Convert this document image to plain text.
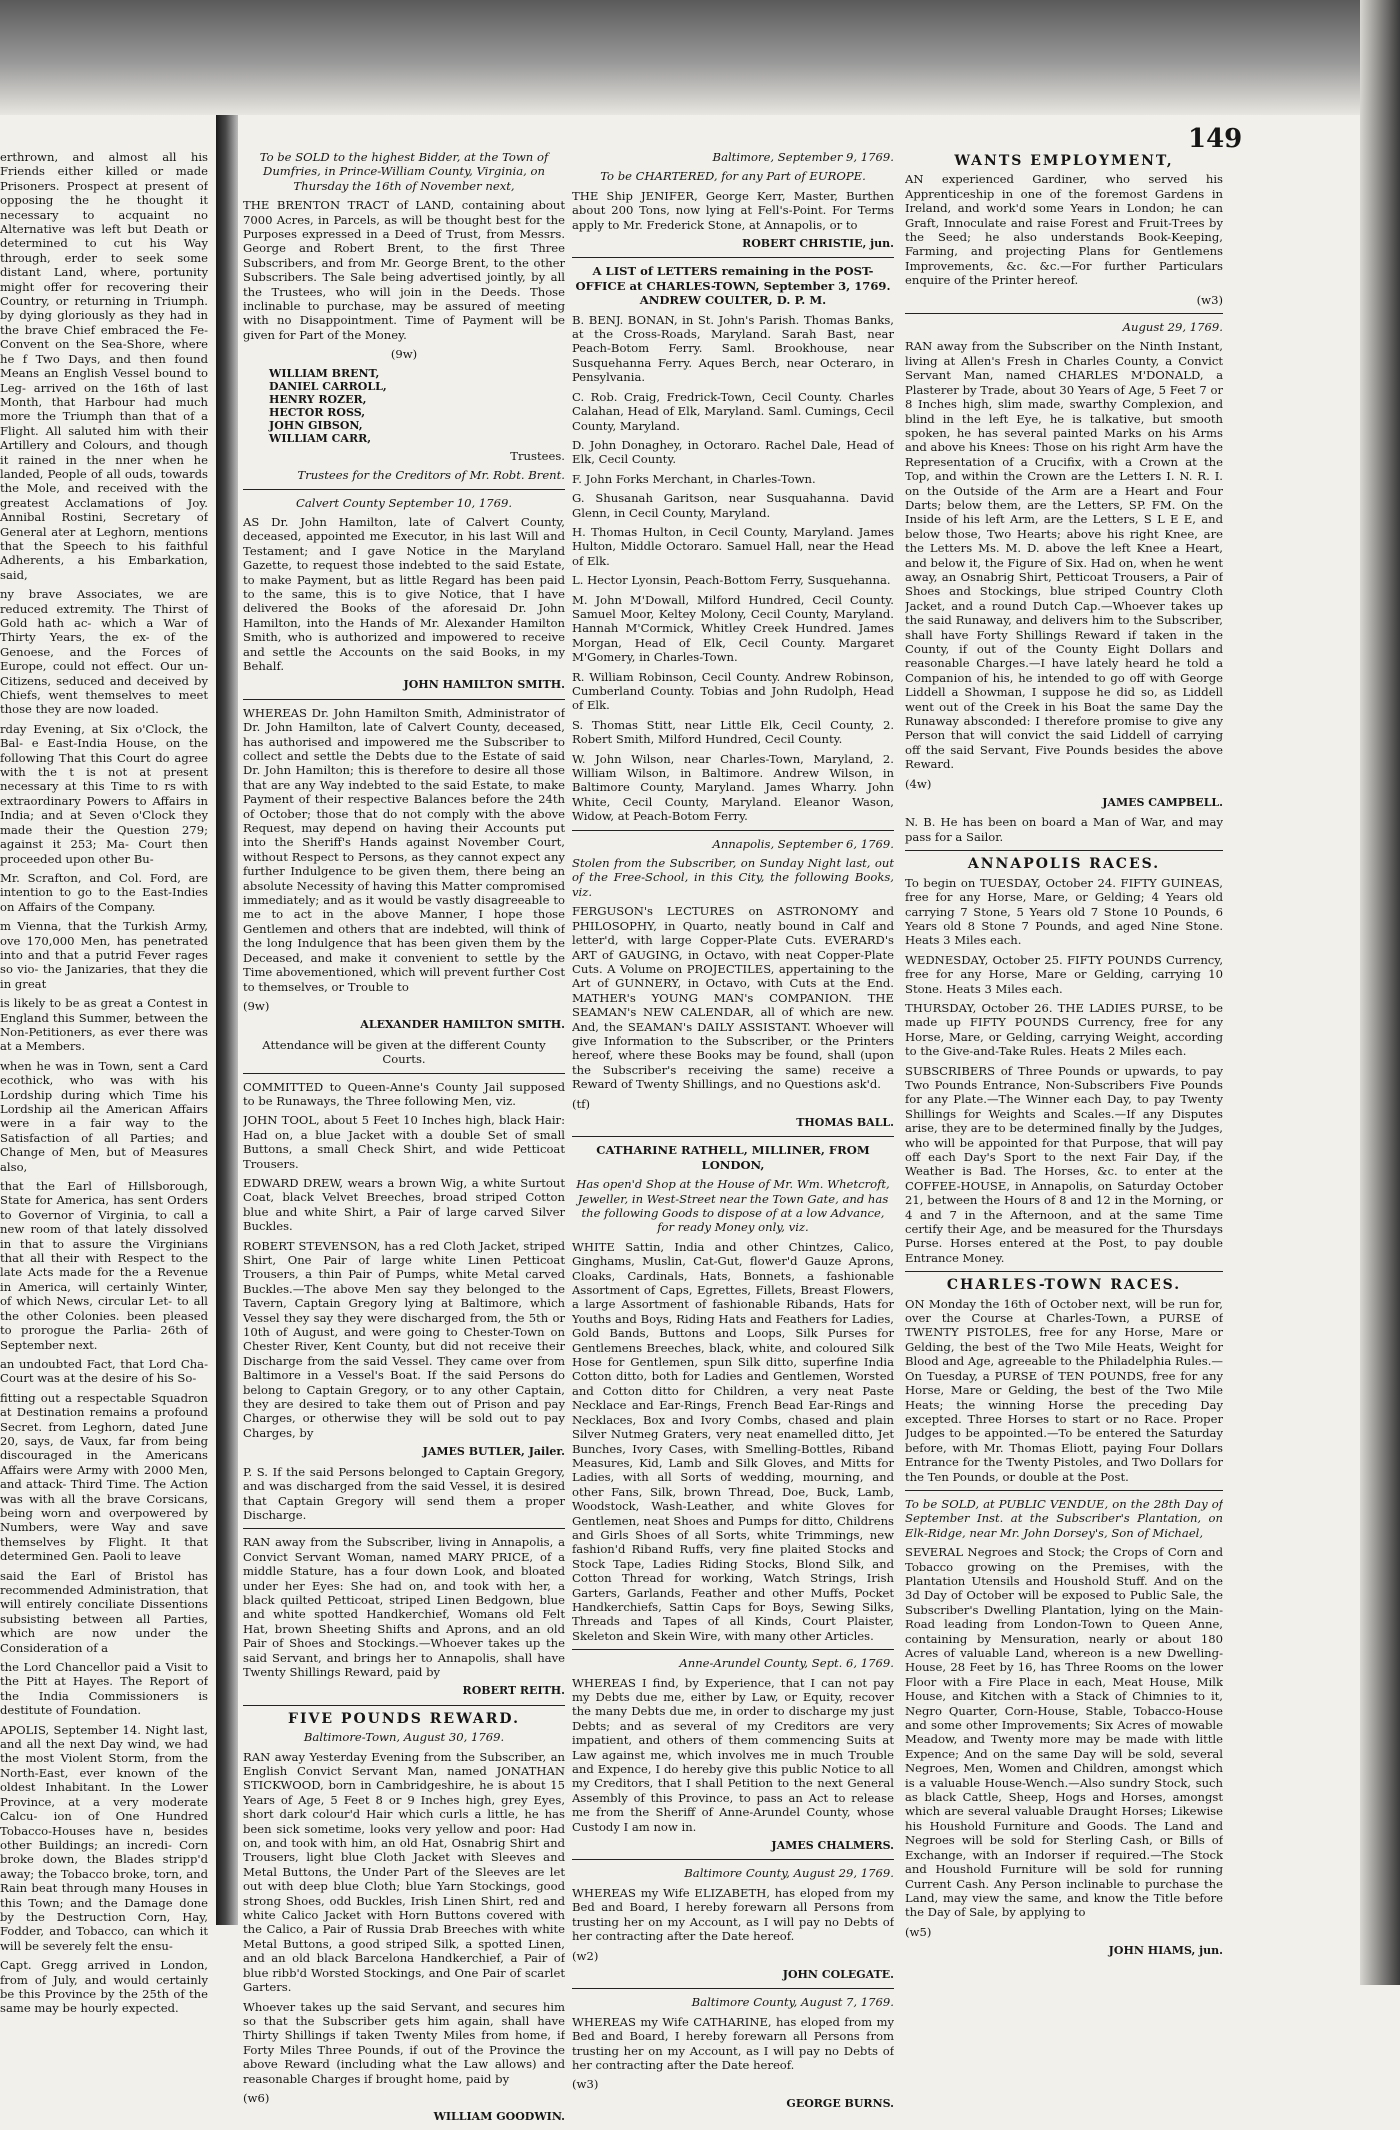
149

erthrown, and almost all his Friends either killed or made Prisoners. Prospect at present of opposing the he thought it necessary to acquaint no Alternative was left but Death or determined to cut his Way through, erder to seek some distant Land, where, portunity might offer for recovering their Country, or returning in Triumph. by dying gloriously as they had in the brave Chief embraced the Fe- Convent on the Sea-Shore, where he f Two Days, and then found Means an English Vessel bound to Leg- arrived on the 16th of last Month, that Harbour had much more the Triumph than that of a Flight. All saluted him with their Artillery and Colours, and though it rained in the nner when he landed, People of all ouds, towards the Mole, and received with the greatest Acclamations of Joy. Annibal Rostini, Secretary of General ater at Leghorn, mentions that the Speech to his faithful Adherents, a his Embarkation, said,

ny brave Associates, we are reduced extremity. The Thirst of Gold hath ac- which a War of Thirty Years, the ex- of the Genoese, and the Forces of Europe, could not effect. Our un- Citizens, seduced and deceived by Chiefs, went themselves to meet those they are now loaded.

rday Evening, at Six o'Clock, the Bal- e East-India House, on the following That this Court do agree with the t is not at present necessary at this Time to rs with extraordinary Powers to Affairs in India; and at Seven o'Clock they made their the Question 279; against it 253; Ma- Court then proceeded upon other Bu-

Mr. Scrafton, and Col. Ford, are intention to go to the East-Indies on Affairs of the Company.

m Vienna, that the Turkish Army, ove 170,000 Men, has penetrated into and that a putrid Fever rages so vio- the Janizaries, that they die in great

is likely to be as great a Contest in England this Summer, between the Non-Petitioners, as ever there was at a Members.

when he was in Town, sent a Card ecothick, who was with his Lordship during which Time his Lordship ail the American Affairs were in a fair way to the Satisfaction of all Parties; and Change of Men, but of Measures also,

that the Earl of Hillsborough, State for America, has sent Orders to Governor of Virginia, to call a new room of that lately dissolved in that to assure the Virginians that all their with Respect to the late Acts made for the a Revenue in America, will certainly Winter, of which News, circular Let- to all the other Colonies. been pleased to prorogue the Parlia- 26th of September next.

an undoubted Fact, that Lord Cha- Court was at the desire of his So-

fitting out a respectable Squadron at Destination remains a profound Secret. from Leghorn, dated June 20, says, de Vaux, far from being discouraged in the Americans Affairs were Army with 2000 Men, and attack- Third Time. The Action was with all the brave Corsicans, being worn and overpowered by Numbers, were Way and save themselves by Flight. It that determined Gen. Paoli to leave

said the Earl of Bristol has recommended Administration, that will entirely conciliate Dissentions subsisting between all Parties, which are now under the Consideration of a

the Lord Chancellor paid a Visit to the Pitt at Hayes. The Report of the India Commissioners is destitute of Foundation.

APOLIS, September 14. Night last, and all the next Day wind, we had the most Violent Storm, from the North-East, ever known of the oldest Inhabitant. In the Lower Province, at a very moderate Calcu- ion of One Hundred Tobacco-Houses have n, besides other Buildings; an incredi- Corn broke down, the Blades stripp'd away; the Tobacco broke, torn, and Rain beat through many Houses in this Town; and the Damage done by the Destruction Corn, Hay, Fodder, and Tobacco, can which it will be severely felt the ensu-

Capt. Gregg arrived in London, from of July, and would certainly be this Province by the 25th of the same may be hourly expected.

To be SOLD to the highest Bidder, at the Town of Dumfries, in Prince-William County, Virginia, on Thursday the 16th of November next,

THE BRENTON TRACT of LAND, containing about 7000 Acres, in Parcels, as will be thought best for the Purposes expressed in a Deed of Trust, from Messrs. George and Robert Brent, to the first Three Subscribers, and from Mr. George Brent, to the other Subscribers. The Sale being advertised jointly, by all the Trustees, who will join in the Deeds. Those inclinable to purchase, may be assured of meeting with no Disappointment. Time of Payment will be given for Part of the Money.

(9w)

WILLIAM BRENT,
DANIEL CARROLL,
HENRY ROZER,
HECTOR ROSS,
JOHN GIBSON,
WILLIAM CARR,

Trustees.

Trustees for the Creditors of Mr. Robt. Brent.

Calvert County September 10, 1769.

AS Dr. John Hamilton, late of Calvert County, deceased, appointed me Executor, in his last Will and Testament; and I gave Notice in the Maryland Gazette, to request those indebted to the said Estate, to make Payment, but as little Regard has been paid to the same, this is to give Notice, that I have delivered the Books of the aforesaid Dr. John Hamilton, into the Hands of Mr. Alexander Hamilton Smith, who is authorized and impowered to receive and settle the Accounts on the said Books, in my Behalf.

JOHN HAMILTON SMITH.

WHEREAS Dr. John Hamilton Smith, Administrator of Dr. John Hamilton, late of Calvert County, deceased, has authorised and impowered me the Subscriber to collect and settle the Debts due to the Estate of said Dr. John Hamilton; this is therefore to desire all those that are any Way indebted to the said Estate, to make Payment of their respective Balances before the 24th of October; those that do not comply with the above Request, may depend on having their Accounts put into the Sheriff's Hands against November Court, without Respect to Persons, as they cannot expect any further Indulgence to be given them, there being an absolute Necessity of having this Matter compromised immediately; and as it would be vastly disagreeable to me to act in the above Manner, I hope those Gentlemen and others that are indebted, will think of the long Indulgence that has been given them by the Deceased, and make it convenient to settle by the Time abovementioned, which will prevent further Cost to themselves, or Trouble to

(9w)

ALEXANDER HAMILTON SMITH.

Attendance will be given at the different County Courts.

COMMITTED to Queen-Anne's County Jail supposed to be Runaways, the Three following Men, viz.

JOHN TOOL, about 5 Feet 10 Inches high, black Hair: Had on, a blue Jacket with a double Set of small Buttons, a small Check Shirt, and wide Petticoat Trousers.

EDWARD DREW, wears a brown Wig, a white Surtout Coat, black Velvet Breeches, broad striped Cotton blue and white Shirt, a Pair of large carved Silver Buckles.

ROBERT STEVENSON, has a red Cloth Jacket, striped Shirt, One Pair of large white Linen Petticoat Trousers, a thin Pair of Pumps, white Metal carved Buckles.—The above Men say they belonged to the Tavern, Captain Gregory lying at Baltimore, which Vessel they say they were discharged from, the 5th or 10th of August, and were going to Chester-Town on Chester River, Kent County, but did not receive their Discharge from the said Vessel. They came over from Baltimore in a Vessel's Boat. If the said Persons do belong to Captain Gregory, or to any other Captain, they are desired to take them out of Prison and pay Charges, or otherwise they will be sold out to pay Charges, by

JAMES BUTLER, Jailer.

P. S. If the said Persons belonged to Captain Gregory, and was discharged from the said Vessel, it is desired that Captain Gregory will send them a proper Discharge.

RAN away from the Subscriber, living in Annapolis, a Convict Servant Woman, named MARY PRICE, of a middle Stature, has a four down Look, and bloated under her Eyes: She had on, and took with her, a black quilted Petticoat, striped Linen Bedgown, blue and white spotted Handkerchief, Womans old Felt Hat, brown Sheeting Shifts and Aprons, and an old Pair of Shoes and Stockings.—Whoever takes up the said Servant, and brings her to Annapolis, shall have Twenty Shillings Reward, paid by

ROBERT REITH.

FIVE POUNDS REWARD.

Baltimore-Town, August 30, 1769.

RAN away Yesterday Evening from the Subscriber, an English Convict Servant Man, named JONATHAN STICKWOOD, born in Cambridgeshire, he is about 15 Years of Age, 5 Feet 8 or 9 Inches high, grey Eyes, short dark colour'd Hair which curls a little, he has been sick sometime, looks very yellow and poor: Had on, and took with him, an old Hat, Osnabrig Shirt and Trousers, light blue Cloth Jacket with Sleeves and Metal Buttons, the Under Part of the Sleeves are let out with deep blue Cloth; blue Yarn Stockings, good strong Shoes, odd Buckles, Irish Linen Shirt, red and white Calico Jacket with Horn Buttons covered with the Calico, a Pair of Russia Drab Breeches with white Metal Buttons, a good striped Silk, a spotted Linen, and an old black Barcelona Handkerchief, a Pair of blue ribb'd Worsted Stockings, and One Pair of scarlet Garters.

Whoever takes up the said Servant, and secures him so that the Subscriber gets him again, shall have Thirty Shillings if taken Twenty Miles from home, if Forty Miles Three Pounds, if out of the Province the above Reward (including what the Law allows) and reasonable Charges if brought home, paid by

(w6)

WILLIAM GOODWIN.

Baltimore, September 9, 1769.

To be CHARTERED, for any Part of EUROPE.

THE Ship JENIFER, George Kerr, Master, Burthen about 200 Tons, now lying at Fell's-Point. For Terms apply to Mr. Frederick Stone, at Annapolis, or to

ROBERT CHRISTIE, jun.

A LIST of LETTERS remaining in the POST-OFFICE at CHARLES-TOWN, September 3, 1769. ANDREW COULTER, D. P. M.

B. BENJ. BONAN, in St. John's Parish. Thomas Banks, at the Cross-Roads, Maryland. Sarah Bast, near Peach-Botom Ferry. Saml. Brookhouse, near Susquehanna Ferry. Aques Berch, near Octeraro, in Pensylvania.

C. Rob. Craig, Fredrick-Town, Cecil County. Charles Calahan, Head of Elk, Maryland. Saml. Cumings, Cecil County, Maryland.

D. John Donaghey, in Octoraro. Rachel Dale, Head of Elk, Cecil County.

F. John Forks Merchant, in Charles-Town.

G. Shusanah Garitson, near Susquahanna. David Glenn, in Cecil County, Maryland.

H. Thomas Hulton, in Cecil County, Maryland. James Hulton, Middle Octoraro. Samuel Hall, near the Head of Elk.

L. Hector Lyonsin, Peach-Bottom Ferry, Susquehanna.

M. John M'Dowall, Milford Hundred, Cecil County. Samuel Moor, Keltey Molony, Cecil County, Maryland. Hannah M'Cormick, Whitley Creek Hundred. James Morgan, Head of Elk, Cecil County. Margaret M'Gomery, in Charles-Town.

R. William Robinson, Cecil County. Andrew Robinson, Cumberland County. Tobias and John Rudolph, Head of Elk.

S. Thomas Stitt, near Little Elk, Cecil County, 2. Robert Smith, Milford Hundred, Cecil County.

W. John Wilson, near Charles-Town, Maryland, 2. William Wilson, in Baltimore. Andrew Wilson, in Baltimore County, Maryland. James Wharry. John White, Cecil County, Maryland. Eleanor Wason, Widow, at Peach-Botom Ferry.

Annapolis, September 6, 1769.

Stolen from the Subscriber, on Sunday Night last, out of the Free-School, in this City, the following Books, viz.

FERGUSON's LECTURES on ASTRONOMY and PHILOSOPHY, in Quarto, neatly bound in Calf and letter'd, with large Copper-Plate Cuts. EVERARD's ART of GAUGING, in Octavo, with neat Copper-Plate Cuts. A Volume on PROJECTILES, appertaining to the Art of GUNNERY, in Octavo, with Cuts at the End. MATHER's YOUNG MAN's COMPANION. THE SEAMAN's NEW CALENDAR, all of which are new. And, the SEAMAN's DAILY ASSISTANT. Whoever will give Information to the Subscriber, or the Printers hereof, where these Books may be found, shall (upon the Subscriber's receiving the same) receive a Reward of Twenty Shillings, and no Questions ask'd.

(tf)

THOMAS BALL.

CATHARINE RATHELL, MILLINER, FROM LONDON,

Has open'd Shop at the House of Mr. Wm. Whetcroft, Jeweller, in West-Street near the Town Gate, and has the following Goods to dispose of at a low Advance, for ready Money only, viz.

WHITE Sattin, India and other Chintzes, Calico, Ginghams, Muslin, Cat-Gut, flower'd Gauze Aprons, Cloaks, Cardinals, Hats, Bonnets, a fashionable Assortment of Caps, Egrettes, Fillets, Breast Flowers, a large Assortment of fashionable Ribands, Hats for Youths and Boys, Riding Hats and Feathers for Ladies, Gold Bands, Buttons and Loops, Silk Purses for Gentlemens Breeches, black, white, and coloured Silk Hose for Gentlemen, spun Silk ditto, superfine India Cotton ditto, both for Ladies and Gentlemen, Worsted and Cotton ditto for Children, a very neat Paste Necklace and Ear-Rings, French Bead Ear-Rings and Necklaces, Box and Ivory Combs, chased and plain Silver Nutmeg Graters, very neat enamelled ditto, Jet Bunches, Ivory Cases, with Smelling-Bottles, Riband Measures, Kid, Lamb and Silk Gloves, and Mitts for Ladies, with all Sorts of wedding, mourning, and other Fans, Silk, brown Thread, Doe, Buck, Lamb, Woodstock, Wash-Leather, and white Gloves for Gentlemen, neat Shoes and Pumps for ditto, Childrens and Girls Shoes of all Sorts, white Trimmings, new fashion'd Riband Ruffs, very fine plaited Stocks and Stock Tape, Ladies Riding Stocks, Blond Silk, and Cotton Thread for working, Watch Strings, Irish Garters, Garlands, Feather and other Muffs, Pocket Handkerchiefs, Sattin Caps for Boys, Sewing Silks, Threads and Tapes of all Kinds, Court Plaister, Skeleton and Skein Wire, with many other Articles.

Anne-Arundel County, Sept. 6, 1769.

WHEREAS I find, by Experience, that I can not pay my Debts due me, either by Law, or Equity, recover the many Debts due me, in order to discharge my just Debts; and as several of my Creditors are very impatient, and others of them commencing Suits at Law against me, which involves me in much Trouble and Expence, I do hereby give this public Notice to all my Creditors, that I shall Petition to the next General Assembly of this Province, to pass an Act to release me from the Sheriff of Anne-Arundel County, whose Custody I am now in.

JAMES CHALMERS.

Baltimore County, August 29, 1769.

WHEREAS my Wife ELIZABETH, has eloped from my Bed and Board, I hereby forewarn all Persons from trusting her on my Account, as I will pay no Debts of her contracting after the Date hereof.

(w2)

JOHN COLEGATE.

Baltimore County, August 7, 1769.

WHEREAS my Wife CATHARINE, has eloped from my Bed and Board, I hereby forewarn all Persons from trusting her on my Account, as I will pay no Debts of her contracting after the Date hereof.

(w3)

GEORGE BURNS.

WANTS EMPLOYMENT,

AN experienced Gardiner, who served his Apprenticeship in one of the foremost Gardens in Ireland, and work'd some Years in London; he can Graft, Innoculate and raise Forest and Fruit-Trees by the Seed; he also understands Book-Keeping, Farming, and projecting Plans for Gentlemens Improvements, &c. &c.—For further Particulars enquire of the Printer hereof.

(w3)

August 29, 1769.

RAN away from the Subscriber on the Ninth Instant, living at Allen's Fresh in Charles County, a Convict Servant Man, named CHARLES M'DONALD, a Plasterer by Trade, about 30 Years of Age, 5 Feet 7 or 8 Inches high, slim made, swarthy Complexion, and blind in the left Eye, he is talkative, but smooth spoken, he has several painted Marks on his Arms and above his Knees: Those on his right Arm have the Representation of a Crucifix, with a Crown at the Top, and within the Crown are the Letters I. N. R. I. on the Outside of the Arm are a Heart and Four Darts; below them, are the Letters, SP. FM. On the Inside of his left Arm, are the Letters, S L E E, and below those, Two Hearts; above his right Knee, are the Letters Ms. M. D. above the left Knee a Heart, and below it, the Figure of Six. Had on, when he went away, an Osnabrig Shirt, Petticoat Trousers, a Pair of Shoes and Stockings, blue striped Country Cloth Jacket, and a round Dutch Cap.—Whoever takes up the said Runaway, and delivers him to the Subscriber, shall have Forty Shillings Reward if taken in the County, if out of the County Eight Dollars and reasonable Charges.—I have lately heard he told a Companion of his, he intended to go off with George Liddell a Showman, I suppose he did so, as Liddell went out of the Creek in his Boat the same Day the Runaway absconded: I therefore promise to give any Person that will convict the said Liddell of carrying off the said Servant, Five Pounds besides the above Reward.

(4w)

JAMES CAMPBELL.

N. B. He has been on board a Man of War, and may pass for a Sailor.

ANNAPOLIS RACES.

To begin on TUESDAY, October 24. FIFTY GUINEAS, free for any Horse, Mare, or Gelding; 4 Years old carrying 7 Stone, 5 Years old 7 Stone 10 Pounds, 6 Years old 8 Stone 7 Pounds, and aged Nine Stone. Heats 3 Miles each.

WEDNESDAY, October 25. FIFTY POUNDS Currency, free for any Horse, Mare or Gelding, carrying 10 Stone. Heats 3 Miles each.

THURSDAY, October 26. THE LADIES PURSE, to be made up FIFTY POUNDS Currency, free for any Horse, Mare, or Gelding, carrying Weight, according to the Give-and-Take Rules. Heats 2 Miles each.

SUBSCRIBERS of Three Pounds or upwards, to pay Two Pounds Entrance, Non-Subscribers Five Pounds for any Plate.—The Winner each Day, to pay Twenty Shillings for Weights and Scales.—If any Disputes arise, they are to be determined finally by the Judges, who will be appointed for that Purpose, that will pay off each Day's Sport to the next Fair Day, if the Weather is Bad. The Horses, &c. to enter at the COFFEE-HOUSE, in Annapolis, on Saturday October 21, between the Hours of 8 and 12 in the Morning, or 4 and 7 in the Afternoon, and at the same Time certify their Age, and be measured for the Thursdays Purse. Horses entered at the Post, to pay double Entrance Money.

CHARLES-TOWN RACES.

ON Monday the 16th of October next, will be run for, over the Course at Charles-Town, a PURSE of TWENTY PISTOLES, free for any Horse, Mare or Gelding, the best of the Two Mile Heats, Weight for Blood and Age, agreeable to the Philadelphia Rules.—On Tuesday, a PURSE of TEN POUNDS, free for any Horse, Mare or Gelding, the best of the Two Mile Heats; the winning Horse the preceding Day excepted. Three Horses to start or no Race. Proper Judges to be appointed.—To be entered the Saturday before, with Mr. Thomas Eliott, paying Four Dollars Entrance for the Twenty Pistoles, and Two Dollars for the Ten Pounds, or double at the Post.

To be SOLD, at PUBLIC VENDUE, on the 28th Day of September Inst. at the Subscriber's Plantation, on Elk-Ridge, near Mr. John Dorsey's, Son of Michael,

SEVERAL Negroes and Stock; the Crops of Corn and Tobacco growing on the Premises, with the Plantation Utensils and Houshold Stuff. And on the 3d Day of October will be exposed to Public Sale, the Subscriber's Dwelling Plantation, lying on the Main-Road leading from London-Town to Queen Anne, containing by Mensuration, nearly or about 180 Acres of valuable Land, whereon is a new Dwelling-House, 28 Feet by 16, has Three Rooms on the lower Floor with a Fire Place in each, Meat House, Milk House, and Kitchen with a Stack of Chimnies to it, Negro Quarter, Corn-House, Stable, Tobacco-House and some other Improvements; Six Acres of mowable Meadow, and Twenty more may be made with little Expence; And on the same Day will be sold, several Negroes, Men, Women and Children, amongst which is a valuable House-Wench.—Also sundry Stock, such as black Cattle, Sheep, Hogs and Horses, amongst which are several valuable Draught Horses; Likewise his Houshold Furniture and Goods. The Land and Negroes will be sold for Sterling Cash, or Bills of Exchange, with an Indorser if required.—The Stock and Houshold Furniture will be sold for running Current Cash. Any Person inclinable to purchase the Land, may view the same, and know the Title before the Day of Sale, by applying to

(w5)

JOHN HIAMS, jun.
